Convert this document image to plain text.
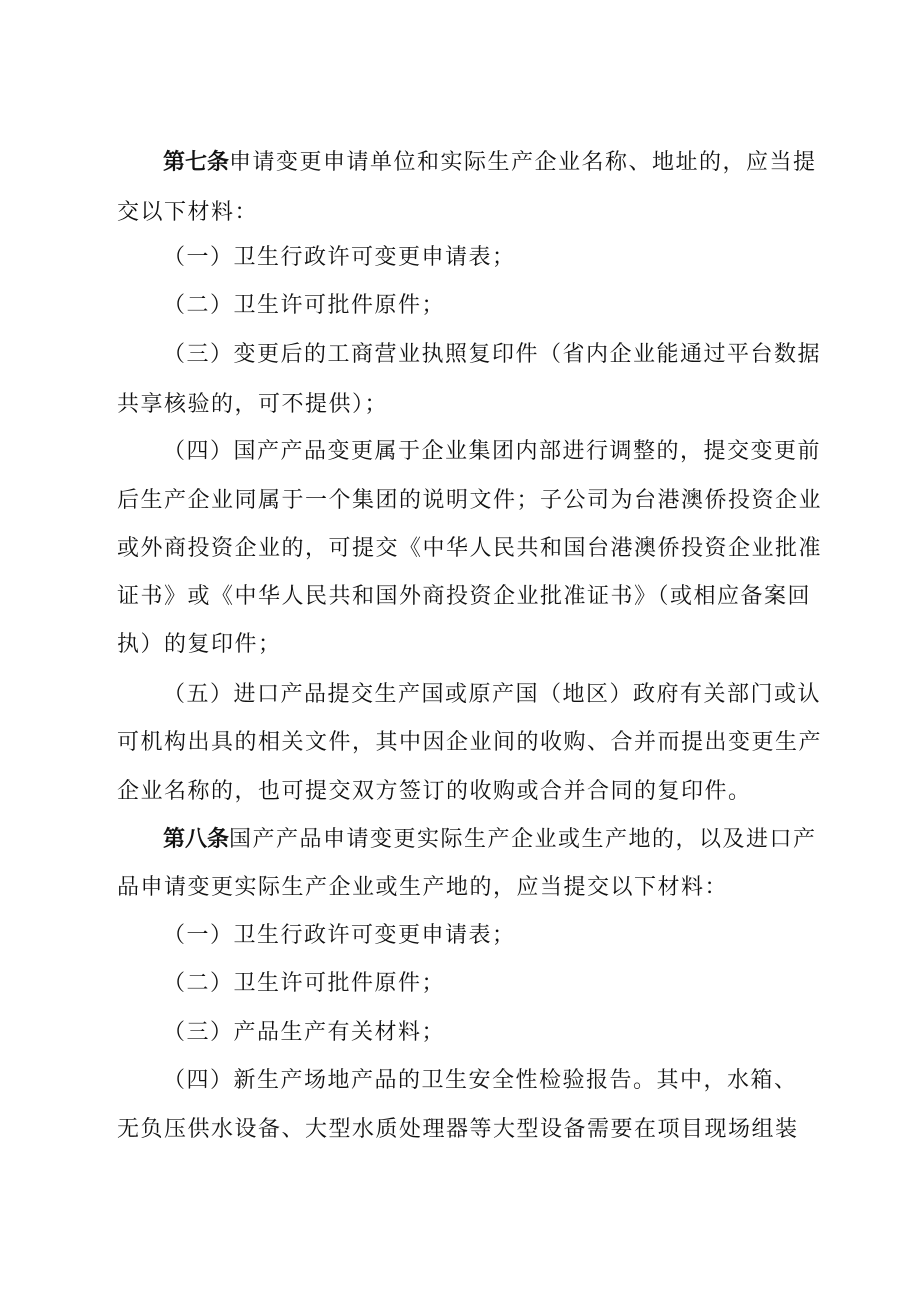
第七条申请变更申请单位和实际生产企业名称、地址的，应当提
交以下材料：
（一）卫生行政许可变更申请表；
（二）卫生许可批件原件；
（三）变更后的工商营业执照复印件（省内企业能通过平台数据
共享核验的，可不提供）；
（四）国产产品变更属于企业集团内部进行调整的，提交变更前
后生产企业同属于一个集团的说明文件；子公司为台港澳侨投资企业
或外商投资企业的，可提交《中华人民共和国台港澳侨投资企业批准
证书》或《中华人民共和国外商投资企业批准证书》（或相应备案回
执）的复印件；
（五）进口产品提交生产国或原产国（地区）政府有关部门或认
可机构出具的相关文件，其中因企业间的收购、合并而提出变更生产
企业名称的，也可提交双方签订的收购或合并合同的复印件。
第八条国产产品申请变更实际生产企业或生产地的，以及进口产
品申请变更实际生产企业或生产地的，应当提交以下材料：
（一）卫生行政许可变更申请表；
（二）卫生许可批件原件；
（三）产品生产有关材料；
（四）新生产场地产品的卫生安全性检验报告。其中，水箱、
无负压供水设备、大型水质处理器等大型设备需要在项目现场组装
